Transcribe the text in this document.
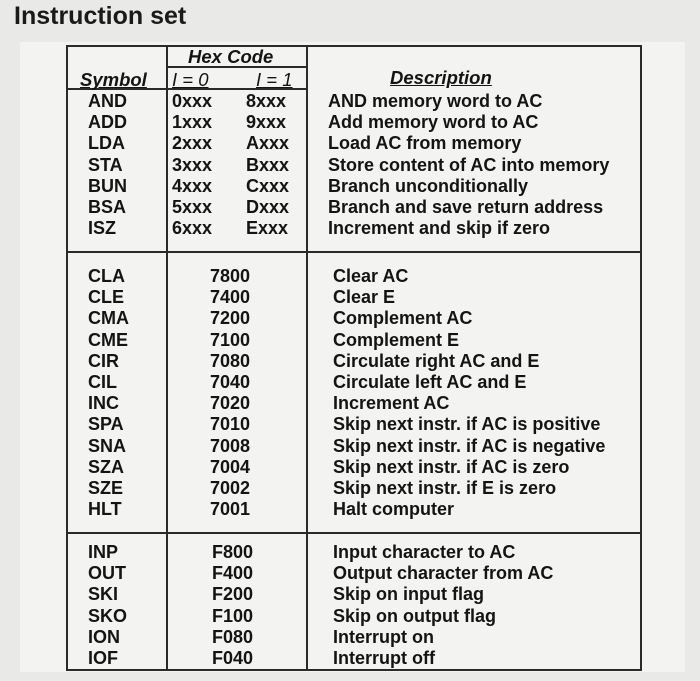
Instruction set
Hex Code
Symbol I = 0	I = 1	Description
AND
ADD
LDA
STA
BUN
BSA
ISZ
0xxx
1xxx
2xxx
3xxx
4xxx
5xxx
6xxx
8xxx
9xxx
Axxx
Bxxx
Cxxx
Dxxx
Exxx
AND memory word to AC
Add memory word to AC
Load AC from memory
Store content of AC into memory
Branch unconditionally
Branch and save return address
Increment and skip if zero
CLA
CLE
CMA
CME
CIR
CIL
INC
SPA
SNA
SZA
SZE
HLT
7800
7400
7200
7100
7080
7040
7020
7010
7008
7004
7002
7001
Clear AC
Clear E
Complement AC
Complement E
Circulate right AC and E
Circulate left AC and E
Increment AC
Skip next instr. if AC is positive
Skip next instr. if AC is negative
Skip next instr. if AC is zero
Skip next instr. if E is zero
Halt computer
INP
OUT
SKI
SKO
ION
IOF
F800
F400
F200
F100
F080
F040
Input character to AC
Output character from AC
Skip on input flag
Skip on output flag
Interrupt on
Interrupt off
